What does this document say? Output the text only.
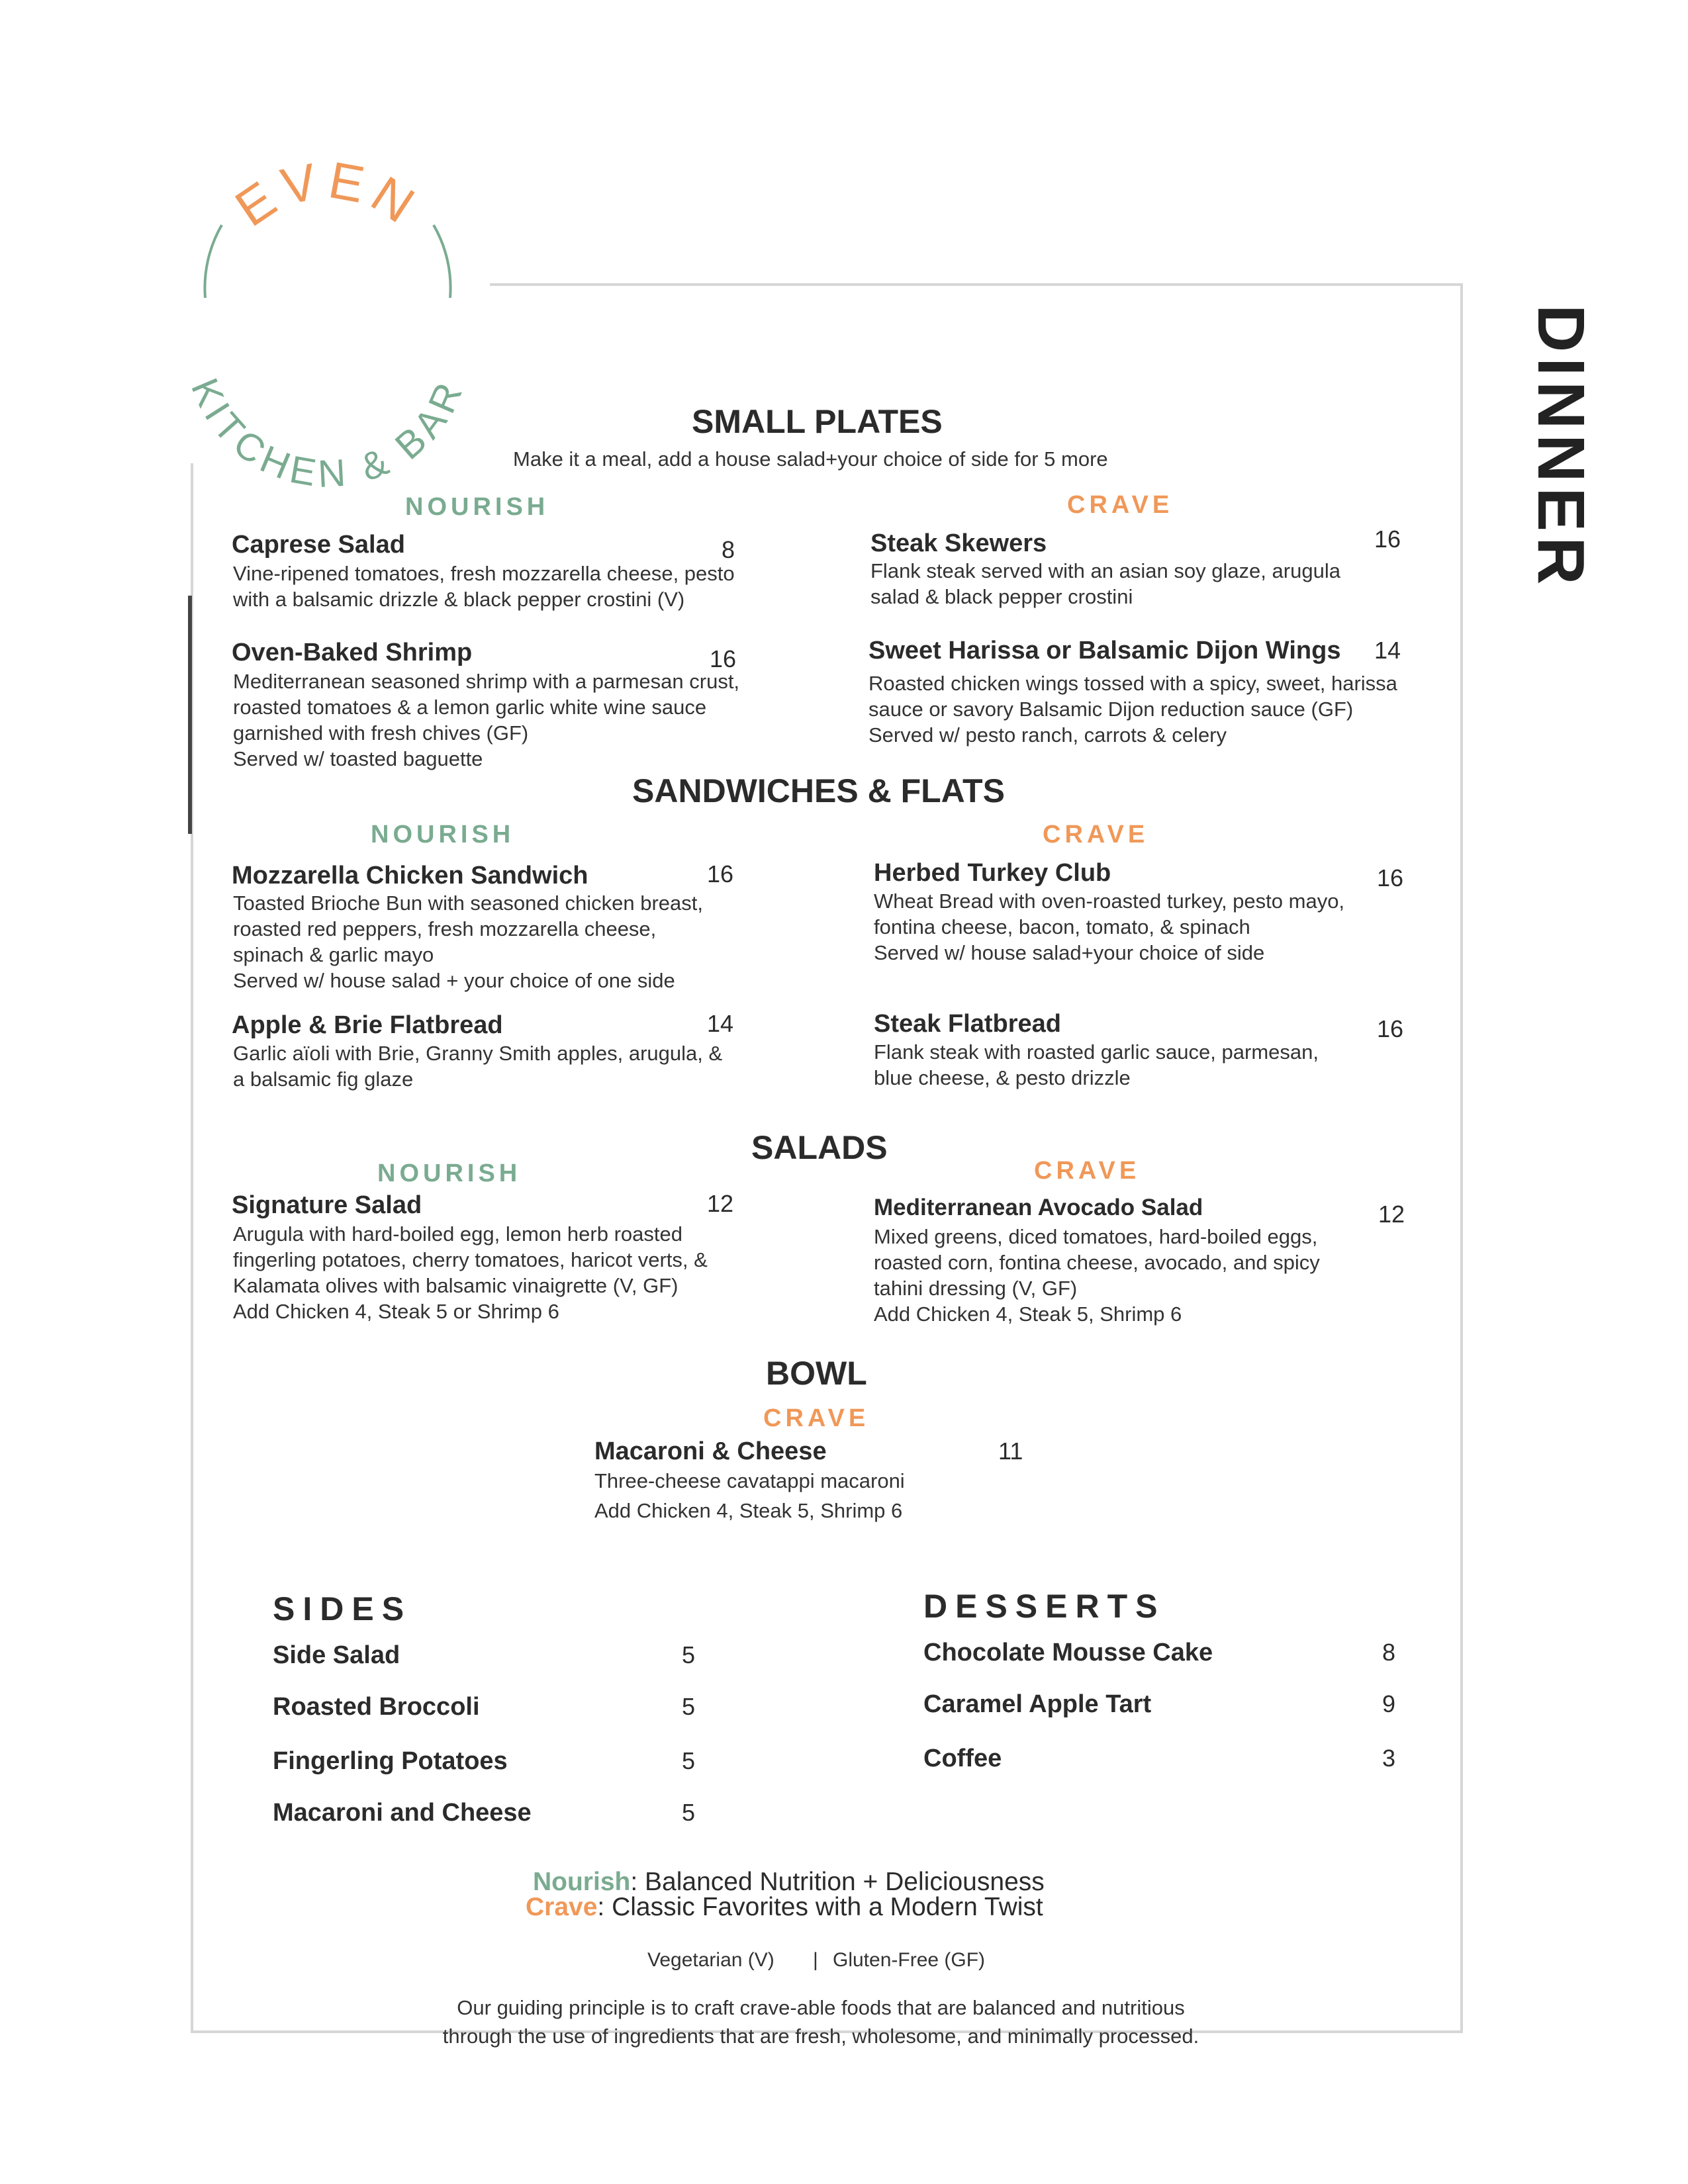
EVEN
KITCHEN & BAR	DINNER
SMALL PLATES
Make it a meal, add a house salad+your choice of side for 5 more
NOURISH	CRAVE
Caprese Salad	8
Vine-ripened tomatoes, fresh mozzarella cheese, pesto
with a balsamic drizzle & black pepper crostini (V)
Oven-Baked Shrimp	16
Mediterranean seasoned shrimp with a parmesan crust,
roasted tomatoes & a lemon garlic white wine sauce
garnished with fresh chives (GF)
Served w/ toasted baguette
Steak Skewers	16
Flank steak served with an asian soy glaze, arugula
salad & black pepper crostini
Sweet Harissa or Balsamic Dijon Wings 14
Roasted chicken wings tossed with a spicy, sweet, harissa
sauce or savory Balsamic Dijon reduction sauce (GF)
Served w/ pesto ranch, carrots & celery
SANDWICHES & FLATS
NOURISH	CRAVE
Mozzarella Chicken Sandwich	16
Toasted Brioche Bun with seasoned chicken breast,
roasted red peppers, fresh mozzarella cheese,
spinach & garlic mayo
Served w/ house salad + your choice of one side
Apple & Brie Flatbread	14
Garlic aïoli with Brie, Granny Smith apples, arugula, &
a balsamic fig glaze
Herbed Turkey Club	16
Wheat Bread with oven-roasted turkey, pesto mayo,
fontina cheese, bacon, tomato, & spinach
Served w/ house salad+your choice of side
Steak Flatbread	16
Flank steak with roasted garlic sauce, parmesan,
blue cheese, & pesto drizzle
SALADS
NOURISH	CRAVE
Signature Salad	12
Arugula with hard-boiled egg, lemon herb roasted
fingerling potatoes, cherry tomatoes, haricot verts, &
Kalamata olives with balsamic vinaigrette (V, GF)
Add Chicken 4, Steak 5 or Shrimp 6
Mediterranean Avocado Salad	12
Mixed greens, diced tomatoes, hard-boiled eggs,
roasted corn, fontina cheese, avocado, and spicy
tahini dressing (V, GF)
Add Chicken 4, Steak 5, Shrimp 6
BOWL
CRAVE
Macaroni & Cheese	11
Three-cheese cavatappi macaroni
Add Chicken 4, Steak 5, Shrimp 6
SIDES
Side Salad	5
Roasted Broccoli	5
Fingerling Potatoes	5
Macaroni and Cheese	5
DESSERTS
Chocolate Mousse Cake	8
Caramel Apple Tart	9
Coffee	3
Nourish: Balanced Nutrition + Deliciousness
Crave: Classic Favorites with a Modern Twist
Vegetarian (V) | Gluten-Free (GF)
Our guiding principle is to craft crave-able foods that are balanced and nutritious
through the use of ingredients that are fresh, wholesome, and minimally processed.
